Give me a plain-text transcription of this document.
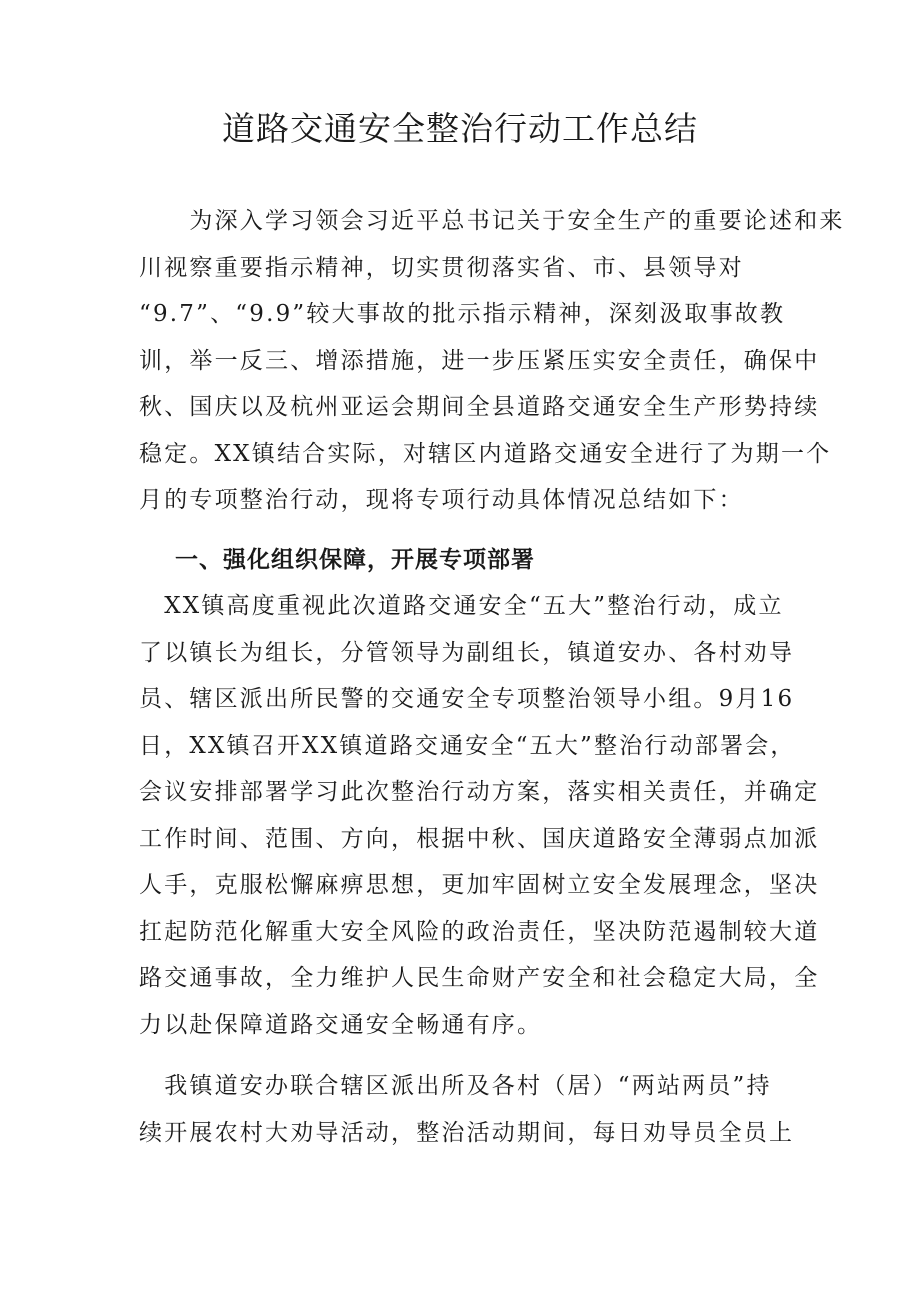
道路交通安全整治行动工作总结
　　为深入学习领会习近平总书记关于安全生产的重要论述和来
川视察重要指示精神，切实贯彻落实省、市、县领导对
“9.7”、“9.9”较大事故的批示指示精神，深刻汲取事故教
训，举一反三、增添措施，进一步压紧压实安全责任，确保中
秋、国庆以及杭州亚运会期间全县道路交通安全生产形势持续
稳定。XX镇结合实际，对辖区内道路交通安全进行了为期一个
月的专项整治行动，现将专项行动具体情况总结如下：
一、强化组织保障，开展专项部署
　XX镇高度重视此次道路交通安全“五大”整治行动，成立
了以镇长为组长，分管领导为副组长，镇道安办、各村劝导
员、辖区派出所民警的交通安全专项整治领导小组。9月16
日，XX镇召开XX镇道路交通安全“五大”整治行动部署会，
会议安排部署学习此次整治行动方案，落实相关责任，并确定
工作时间、范围、方向，根据中秋、国庆道路安全薄弱点加派
人手，克服松懈麻痹思想，更加牢固树立安全发展理念，坚决
扛起防范化解重大安全风险的政治责任，坚决防范遏制较大道
路交通事故，全力维护人民生命财产安全和社会稳定大局，全
力以赴保障道路交通安全畅通有序。
　我镇道安办联合辖区派出所及各村（居）“两站两员”持
续开展农村大劝导活动，整治活动期间，每日劝导员全员上
